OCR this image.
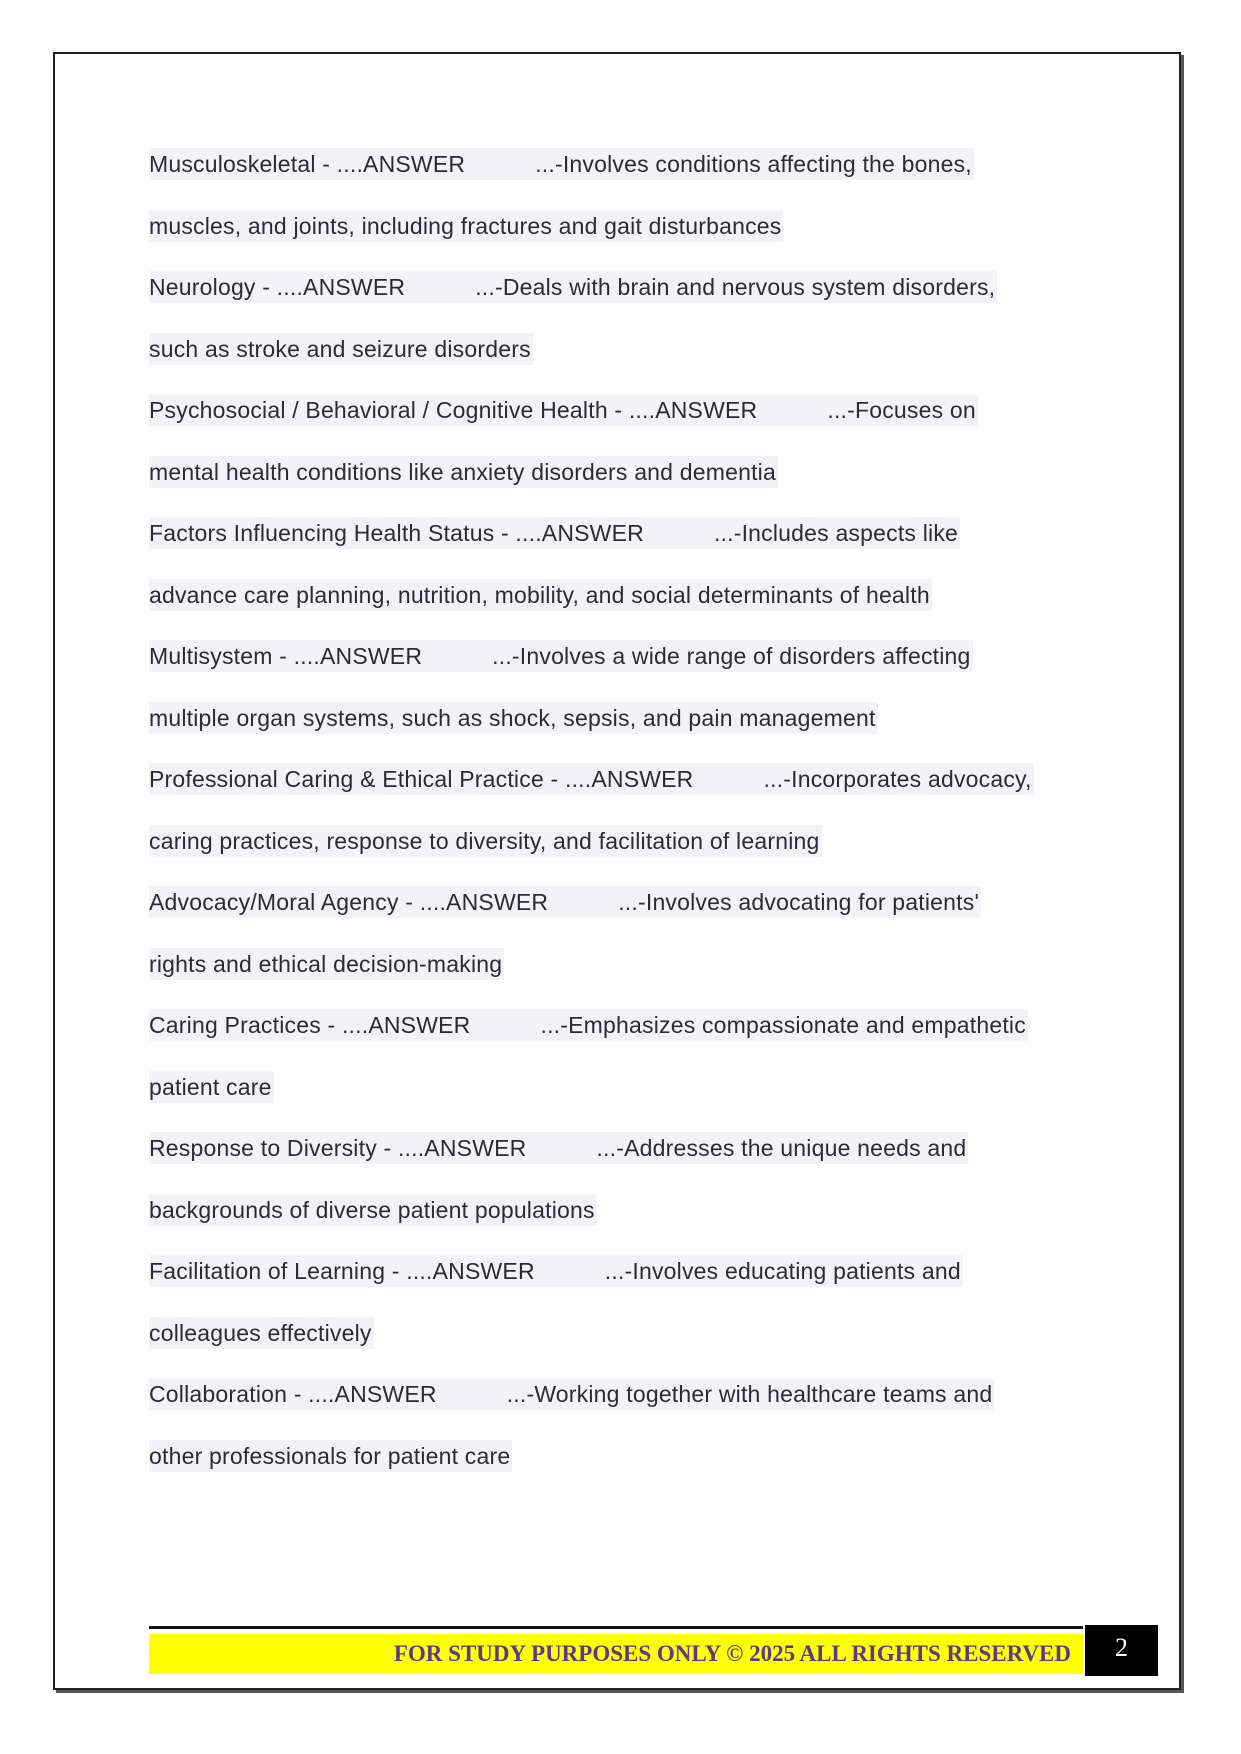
Musculoskeletal - ....ANSWER	...-Involves conditions affecting the bones,
muscles, and joints, including fractures and gait disturbances
Neurology - ....ANSWER	...-Deals with brain and nervous system disorders,
such as stroke and seizure disorders
Psychosocial / Behavioral / Cognitive Health - ....ANSWER	...-Focuses on
mental health conditions like anxiety disorders and dementia
Factors Influencing Health Status - ....ANSWER	...-Includes aspects like
advance care planning, nutrition, mobility, and social determinants of health
Multisystem - ....ANSWER	...-Involves a wide range of disorders affecting
multiple organ systems, such as shock, sepsis, and pain management
Professional Caring & Ethical Practice - ....ANSWER	...-Incorporates advocacy,
caring practices, response to diversity, and facilitation of learning
Advocacy/Moral Agency - ....ANSWER	...-Involves advocating for patients'
rights and ethical decision-making
Caring Practices - ....ANSWER	...-Emphasizes compassionate and empathetic
patient care
Response to Diversity - ....ANSWER	...-Addresses the unique needs and
backgrounds of diverse patient populations
Facilitation of Learning - ....ANSWER	...-Involves educating patients and
colleagues effectively
Collaboration - ....ANSWER	...-Working together with healthcare teams and
other professionals for patient care
FOR STUDY PURPOSES ONLY © 2025 ALL RIGHTS RESERVED	2
